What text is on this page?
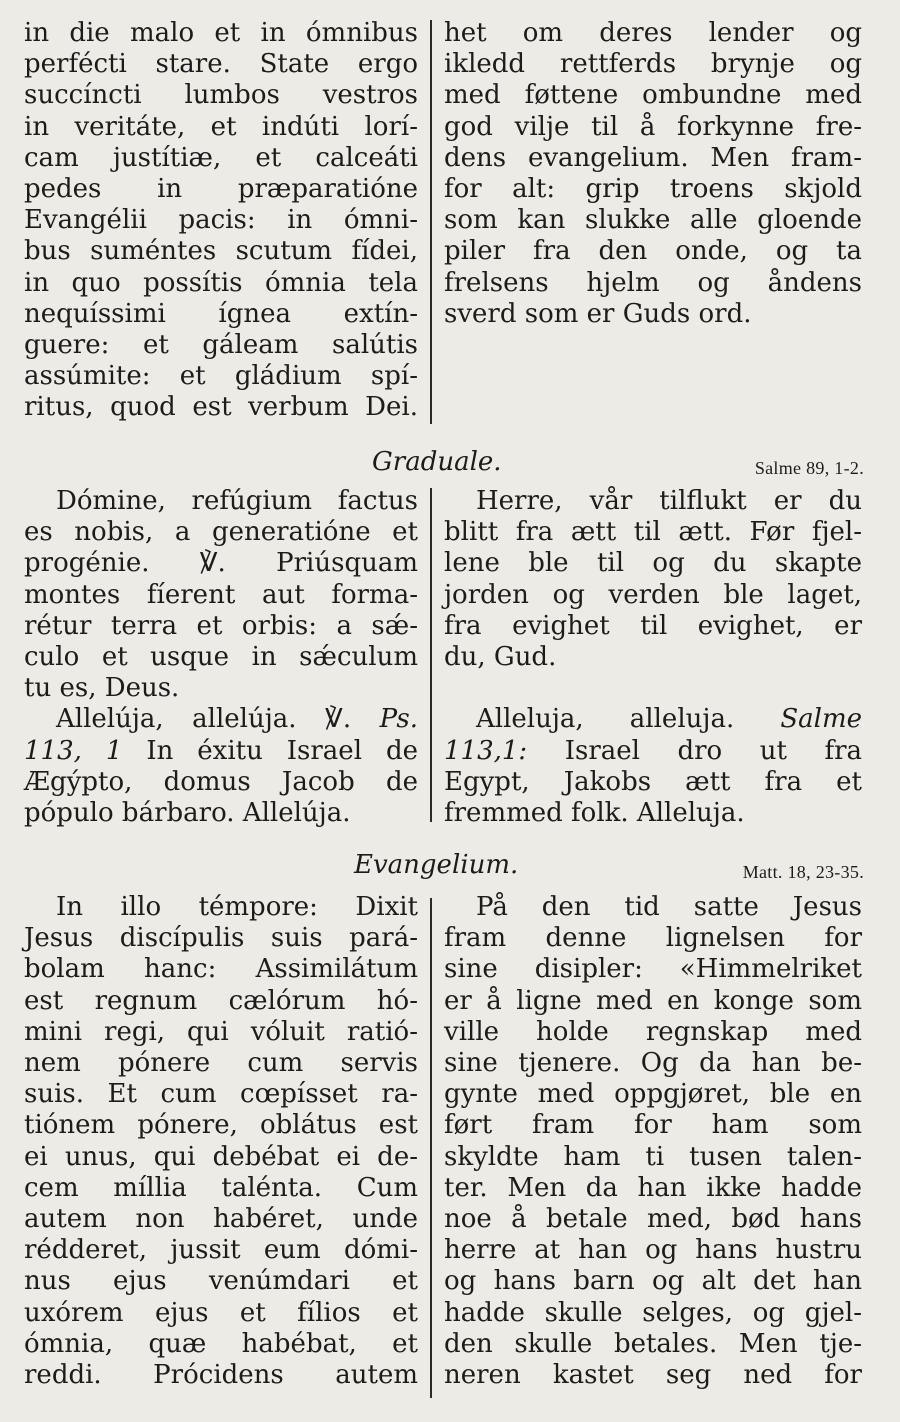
in die malo et in ómnibus
perfécti stare. State ergo
succíncti lumbos vestros
in veritáte, et indúti lorí-
cam justítiæ, et calceáti
pedes in præparatióne
Evangélii pacis: in ómni-
bus suméntes scutum fídei,
in quo possítis ómnia tela
nequíssimi ígnea extín-
guere: et gáleam salútis
assúmite: et gládium spí-
ritus, quod est verbum Dei.
het om deres lender og
ikledd rettferds brynje og
med føttene ombundne med
god vilje til å forkynne fre-
dens evangelium. Men fram-
for alt: grip troens skjold
som kan slukke alle gloende
piler fra den onde, og ta
frelsens hjelm og åndens
sverd som er Guds ord.
Graduale.	Salme 89, 1-2.
Dómine, refúgium factus
es nobis, a generatióne et
progénie. ℣. Priúsquam
montes fíerent aut forma-
rétur terra et orbis: a sǽ-
culo et usque in sǽculum
tu es, Deus.
Allelúja, allelúja. ℣. Ps.
113, 1 In éxitu Israel de
Ægýpto, domus Jacob de
pópulo bárbaro. Allelúja.
Herre, vår tilflukt er du
blitt fra ætt til ætt. Før fjel-
lene ble til og du skapte
jorden og verden ble laget,
fra evighet til evighet, er
du, Gud.

Alleluja, alleluja. Salme
113,1: Israel dro ut fra
Egypt, Jakobs ætt fra et
fremmed folk. Alleluja.
Evangelium.	Matt. 18, 23-35.
In illo témpore: Dixit
Jesus discípulis suis pará-
bolam hanc: Assimilátum
est regnum cælórum hó-
mini regi, qui vóluit ratió-
nem pónere cum servis
suis. Et cum cœpísset ra-
tiónem pónere, oblátus est
ei unus, qui debébat ei de-
cem míllia talénta. Cum
autem non habéret, unde
rédderet, jussit eum dómi-
nus ejus venúmdari et
uxórem ejus et fílios et
ómnia, quæ habébat, et
reddi. Prócidens autem
På den tid satte Jesus
fram denne lignelsen for
sine disipler: «Himmelriket
er å ligne med en konge som
ville holde regnskap med
sine tjenere. Og da han be-
gynte med oppgjøret, ble en
ført fram for ham som
skyldte ham ti tusen talen-
ter. Men da han ikke hadde
noe å betale med, bød hans
herre at han og hans hustru
og hans barn og alt det han
hadde skulle selges, og gjel-
den skulle betales. Men tje-
neren kastet seg ned for
